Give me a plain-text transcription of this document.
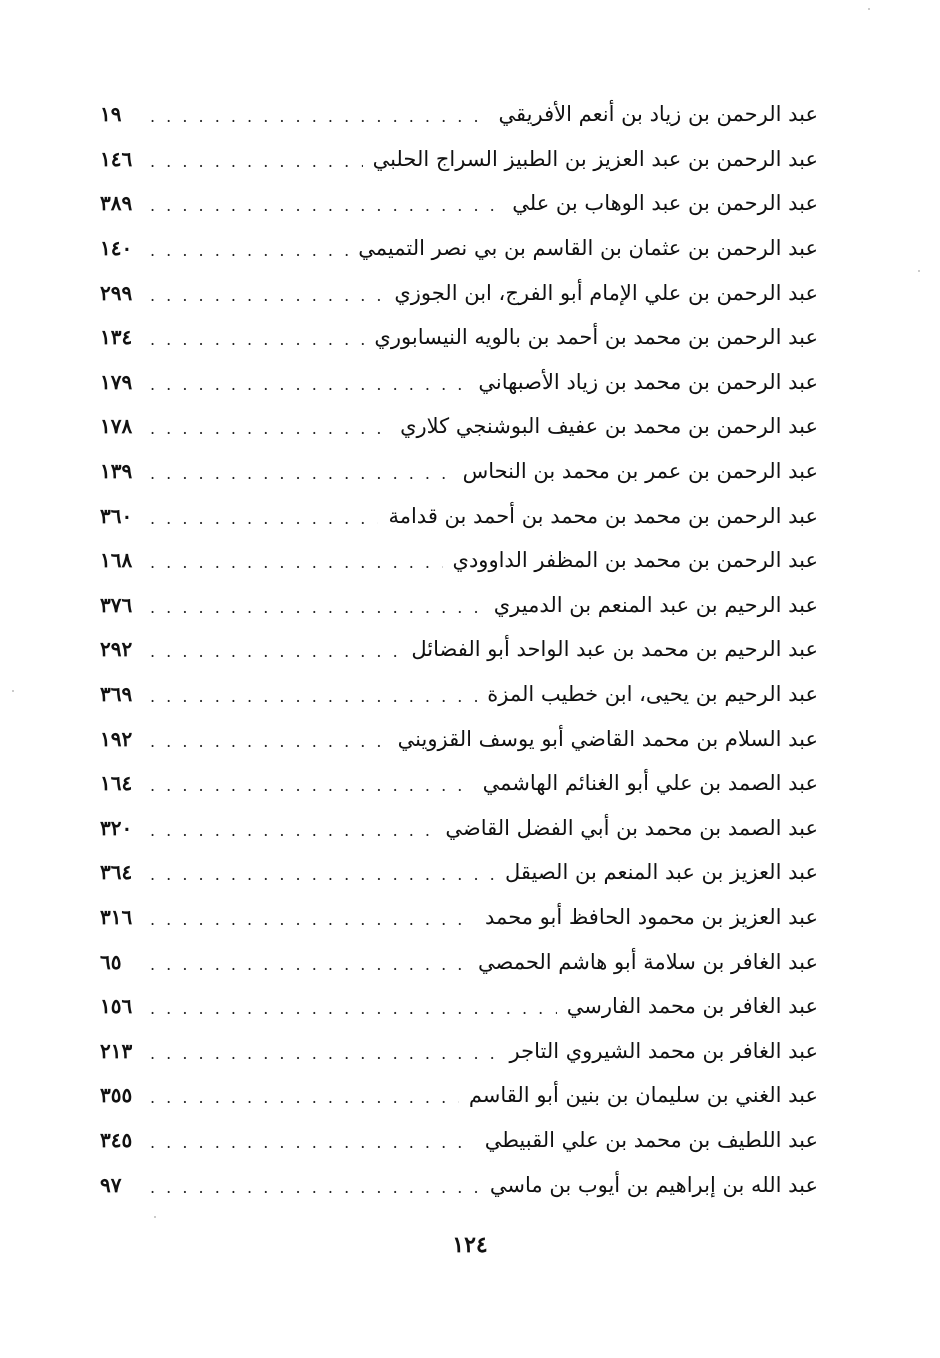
عبد الرحمن بن زياد بن أنعم الأفريقي
. . .
١٩
عبد الرحمن بن عبد العزيز بن الطبيز السراج الحلبي
. . .
١٤٦
عبد الرحمن بن عبد الوهاب بن علي
. . .
٣٨٩
عبد الرحمن بن عثمان بن القاسم بن بي نصر التميمي
. . .
١٤٠
عبد الرحمن بن علي الإمام أبو الفرج، ابن الجوزي
. . .
٢٩٩
عبد الرحمن بن محمد بن أحمد بن بالويه النيسابوري
. . .
١٣٤
عبد الرحمن بن محمد بن زياد الأصبهاني
. . .
١٧٩
عبد الرحمن بن محمد بن عفيف البوشنجي كلاري
. . .
١٧٨
عبد الرحمن بن عمر بن محمد بن النحاس
. . .
١٣٩
عبد الرحمن بن محمد بن محمد بن أحمد بن قدامة
. . .
٣٦٠
عبد الرحمن بن محمد بن المظفر الداوودي
. . .
١٦٨
عبد الرحيم بن عبد المنعم بن الدميري
. . .
٣٧٦
عبد الرحيم بن محمد بن عبد الواحد أبو الفضائل
. . .
٢٩٢
عبد الرحيم بن يحيى، ابن خطيب المزة
. . .
٣٦٩
عبد السلام بن محمد القاضي أبو يوسف القزويني
. . .
١٩٢
عبد الصمد بن علي أبو الغنائم الهاشمي
. . .
١٦٤
عبد الصمد بن محمد بن أبي الفضل القاضي
. . .
٣٢٠
عبد العزيز بن عبد المنعم بن الصيقل
. . .
٣٦٤
عبد العزيز بن محمود الحافظ أبو محمد
. . .
٣١٦
عبد الغافر بن سلامة أبو هاشم الحمصي
. . .
٦٥
عبد الغافر بن محمد الفارسي
. . .
١٥٦
عبد الغافر بن محمد الشيروي التاجر
. . .
٢١٣
عبد الغني بن سليمان بن بنين أبو القاسم
. . .
٣٥٥
عبد اللطيف بن محمد بن علي القبيطي
. . .
٣٤٥
عبد الله بن إبراهيم بن أيوب بن ماسي
. . .
٩٧
١٢٤
